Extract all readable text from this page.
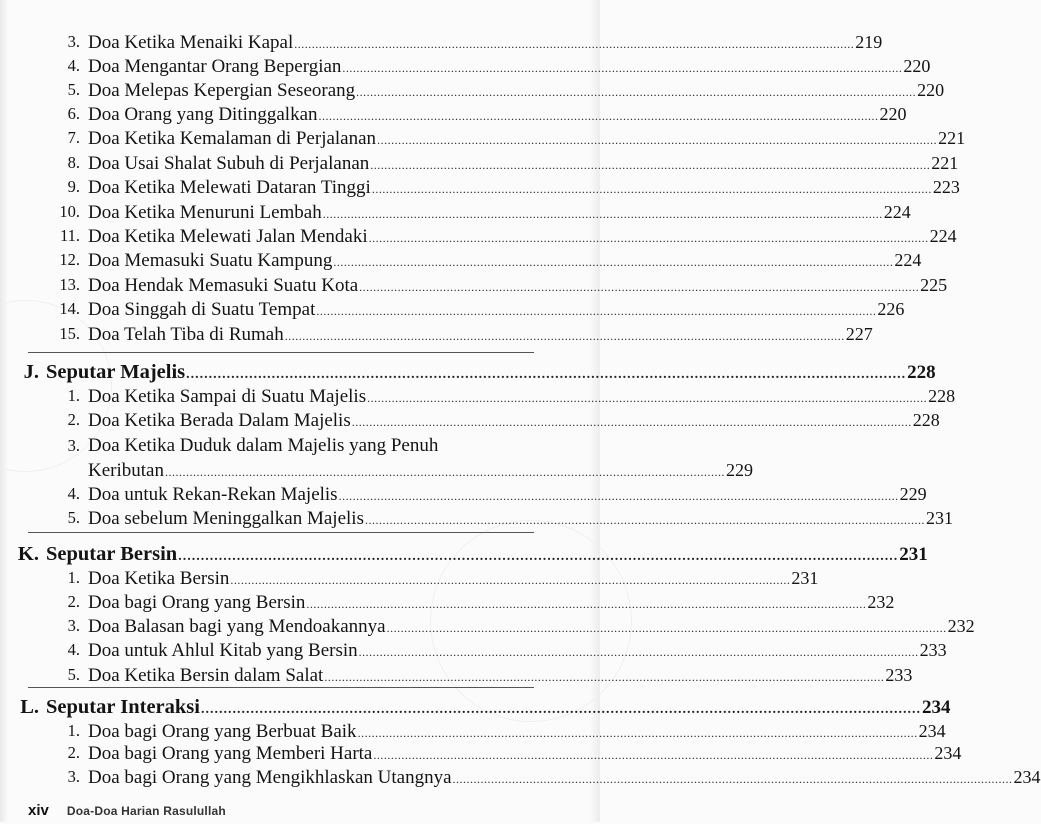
3. Doa Ketika Menaiki Kapal ................................................................................................................................................................ 219
4. Doa Mengantar Orang Bepergian ................................................................................................................................................................ 220
5. Doa Melepas Kepergian Seseorang ................................................................................................................................................................ 220
6. Doa Orang yang Ditinggalkan ................................................................................................................................................................ 220
7. Doa Ketika Kemalaman di Perjalanan ................................................................................................................................................................ 221
8. Doa Usai Shalat Subuh di Perjalanan ................................................................................................................................................................ 221
9. Doa Ketika Melewati Dataran Tinggi ................................................................................................................................................................ 223
10. Doa Ketika Menuruni Lembah ................................................................................................................................................................ 224
11. Doa Ketika Melewati Jalan Mendaki ................................................................................................................................................................ 224
12. Doa Memasuki Suatu Kampung ................................................................................................................................................................ 224
13. Doa Hendak Memasuki Suatu Kota ................................................................................................................................................................ 225
14. Doa Singgah di Suatu Tempat ................................................................................................................................................................ 226
15. Doa Telah Tiba di Rumah ................................................................................................................................................................ 227
J. Seputar Majelis ................................................................................................................................................................ 228
1. Doa Ketika Sampai di Suatu Majelis ................................................................................................................................................................ 228
2. Doa Ketika Berada Dalam Majelis ................................................................................................................................................................ 228
3. Doa Ketika Duduk dalam Majelis yang Penuh
Keributan ................................................................................................................................................................ 229
4. Doa untuk Rekan-Rekan Majelis ................................................................................................................................................................ 229
5. Doa sebelum Meninggalkan Majelis ................................................................................................................................................................ 231
K. Seputar Bersin ................................................................................................................................................................ 231
1. Doa Ketika Bersin ................................................................................................................................................................ 231
2. Doa bagi Orang yang Bersin ................................................................................................................................................................ 232
3. Doa Balasan bagi yang Mendoakannya ................................................................................................................................................................ 232
4. Doa untuk Ahlul Kitab yang Bersin ................................................................................................................................................................ 233
5. Doa Ketika Bersin dalam Salat ................................................................................................................................................................ 233
L. Seputar Interaksi ................................................................................................................................................................ 234
1. Doa bagi Orang yang Berbuat Baik ................................................................................................................................................................ 234
2. Doa bagi Orang yang Memberi Harta ................................................................................................................................................................ 234
3. Doa bagi Orang yang Mengikhlaskan Utangnya ................................................................................................................................................................ 234
xiv Doa-Doa Harian Rasulullah
